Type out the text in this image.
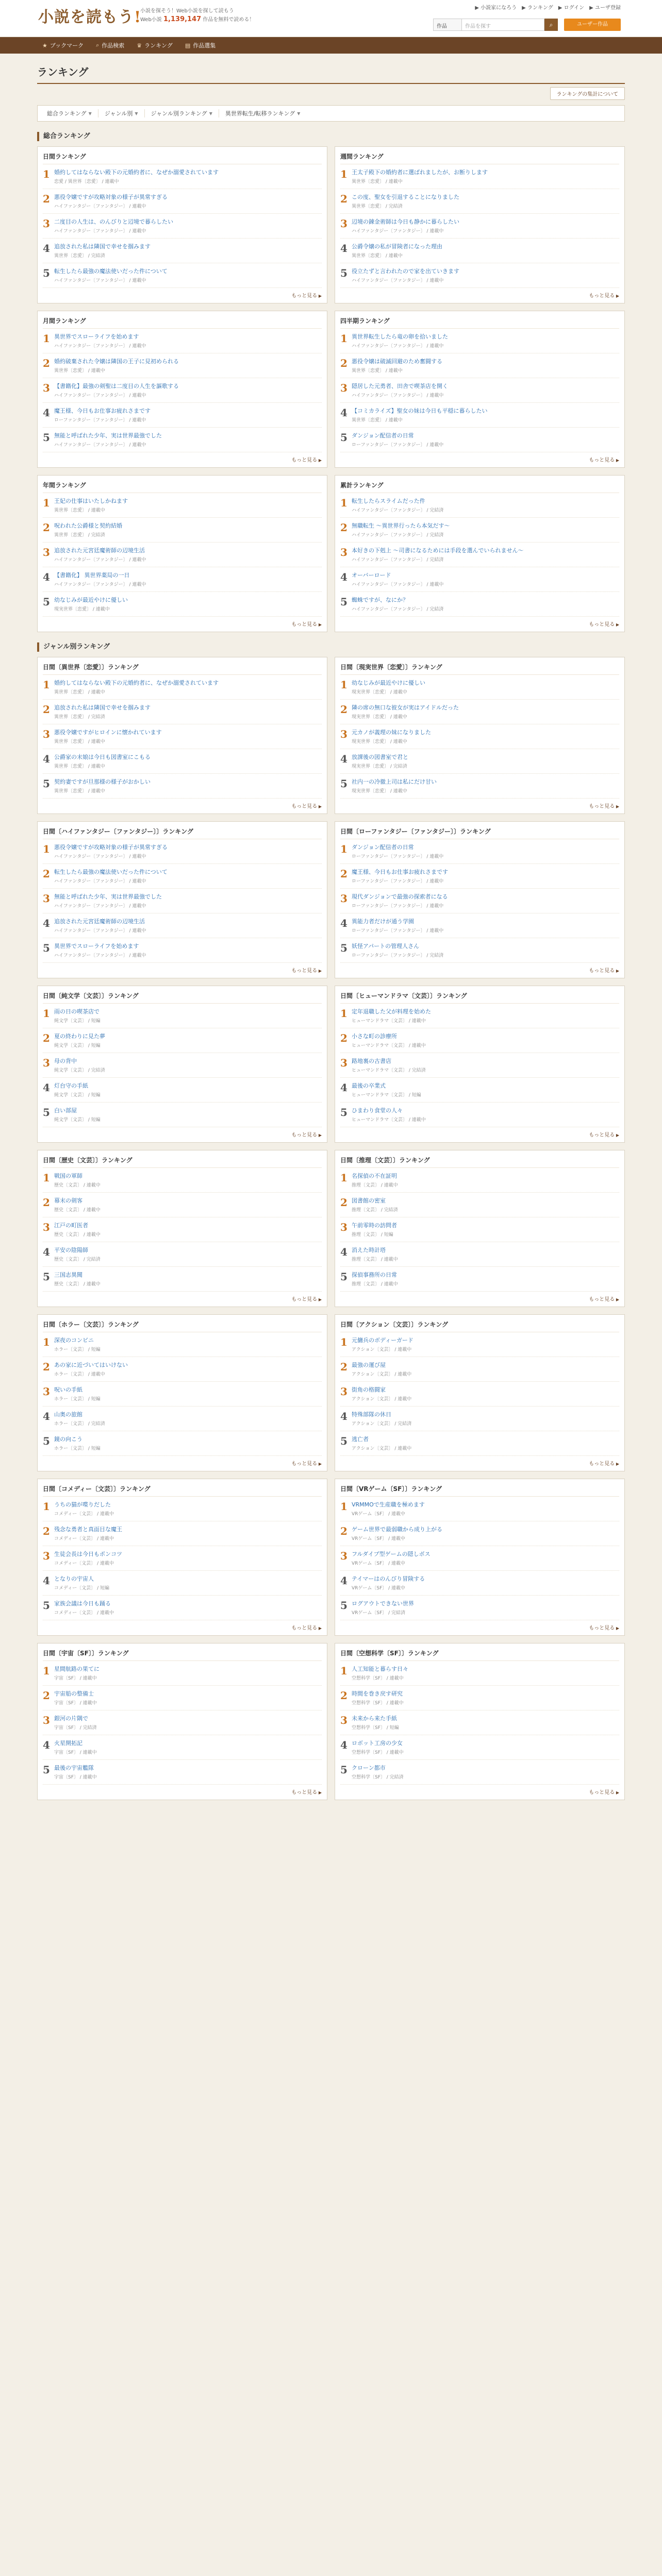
小説を読もう!
小説を探そう！Web小説を探して読もう
Web小説 1,139,147 作品を無料で読める！
▶ 小説家になろう ▶ ランキング ▶ ログイン ▶ ユーザ登録
作品	作品を探す	⌕	ユーザー作品
★ ブックマーク ⌕ 作品検索 ♛ ランキング ▤ 作品選集
ランキング
ランキングの集計について
総合ランキング ▼ ジャンル別 ▼ ジャンル別ランキング ▼ 異世界転生/転移ランキング ▼
総合ランキング
日間ランキング
1 婚約してはならない殿下の元婚約者に、なぜか溺愛されています
恋愛 / 異世界〔恋愛〕 / 連載中
2 悪役令嬢ですが攻略対象の様子が異常すぎる
ハイファンタジー〔ファンタジー〕 / 連載中
3 二度目の人生は、のんびりと辺境で暮らしたい
ハイファンタジー〔ファンタジー〕 / 連載中
4 追放された私は隣国で幸せを掴みます
異世界〔恋愛〕 / 完結済
5 転生したら最強の魔法使いだった件について
ハイファンタジー〔ファンタジー〕 / 連載中
もっと見る ▶
週間ランキング
1 王太子殿下の婚約者に選ばれましたが、お断りします
異世界〔恋愛〕 / 連載中
2 この度、聖女を引退することになりました
異世界〔恋愛〕 / 完結済
3 辺境の錬金術師は今日も静かに暮らしたい
ハイファンタジー〔ファンタジー〕 / 連載中
4 公爵令嬢の私が冒険者になった理由
異世界〔恋愛〕 / 連載中
5 役立たずと言われたので家を出ていきます
ハイファンタジー〔ファンタジー〕 / 連載中
もっと見る ▶
月間ランキング
1 異世界でスローライフを始めます
ハイファンタジー〔ファンタジー〕 / 連載中
2 婚約破棄された令嬢は隣国の王子に見初められる
異世界〔恋愛〕 / 連載中
3 【書籍化】最強の剣聖は二度目の人生を謳歌する
ハイファンタジー〔ファンタジー〕 / 連載中
4 魔王様、今日もお仕事お疲れさまです
ローファンタジー〔ファンタジー〕 / 連載中
5 無能と呼ばれた少年、実は世界最強でした
ハイファンタジー〔ファンタジー〕 / 連載中
もっと見る ▶
四半期ランキング
1 異世界転生したら竜の卵を拾いました
ハイファンタジー〔ファンタジー〕 / 連載中
2 悪役令嬢は破滅回避のため奮闘する
異世界〔恋愛〕 / 連載中
3 隠居した元勇者、田舎で喫茶店を開く
ハイファンタジー〔ファンタジー〕 / 連載中
4 【コミカライズ】聖女の妹は今日も平穏に暮らしたい
異世界〔恋愛〕 / 連載中
5 ダンジョン配信者の日常
ローファンタジー〔ファンタジー〕 / 連載中
もっと見る ▶
年間ランキング
1 王妃の仕事はいたしかねます
異世界〔恋愛〕 / 連載中
2 呪われた公爵様と契約結婚
異世界〔恋愛〕 / 完結済
3 追放された元宮廷魔術師の辺境生活
ハイファンタジー〔ファンタジー〕 / 連載中
4 【書籍化】 異世界薬局の一日
ハイファンタジー〔ファンタジー〕 / 連載中
5 幼なじみが最近やけに優しい
現実世界〔恋愛〕 / 連載中
もっと見る ▶
累計ランキング
1 転生したらスライムだった件
ハイファンタジー〔ファンタジー〕 / 完結済
2 無職転生 ～異世界行ったら本気だす～
ハイファンタジー〔ファンタジー〕 / 完結済
3 本好きの下剋上 ～司書になるためには手段を選んでいられません～
ハイファンタジー〔ファンタジー〕 / 完結済
4 オーバーロード
ハイファンタジー〔ファンタジー〕 / 連載中
5 蜘蛛ですが、なにか？
ハイファンタジー〔ファンタジー〕 / 完結済
もっと見る ▶
ジャンル別ランキング
日間〔異世界〔恋愛〕〕ランキング
1 婚約してはならない殿下の元婚約者に、なぜか溺愛されています
異世界〔恋愛〕 / 連載中
2 追放された私は隣国で幸せを掴みます
異世界〔恋愛〕 / 完結済
3 悪役令嬢ですがヒロインに懐かれています
異世界〔恋愛〕 / 連載中
4 公爵家の末娘は今日も図書室にこもる
異世界〔恋愛〕 / 連載中
5 契約妻ですが旦那様の様子がおかしい
異世界〔恋愛〕 / 連載中
もっと見る ▶
日間〔現実世界〔恋愛〕〕ランキング
1 幼なじみが最近やけに優しい
現実世界〔恋愛〕 / 連載中
2 隣の席の無口な彼女が実はアイドルだった
現実世界〔恋愛〕 / 連載中
3 元カノが義理の妹になりました
現実世界〔恋愛〕 / 連載中
4 放課後の図書室で君と
現実世界〔恋愛〕 / 完結済
5 社内一の冷徹上司は私にだけ甘い
現実世界〔恋愛〕 / 連載中
もっと見る ▶
日間〔ハイファンタジー〔ファンタジー〕〕ランキング
1 悪役令嬢ですが攻略対象の様子が異常すぎる
ハイファンタジー〔ファンタジー〕 / 連載中
2 転生したら最強の魔法使いだった件について
ハイファンタジー〔ファンタジー〕 / 連載中
3 無能と呼ばれた少年、実は世界最強でした
ハイファンタジー〔ファンタジー〕 / 連載中
4 追放された元宮廷魔術師の辺境生活
ハイファンタジー〔ファンタジー〕 / 連載中
5 異世界でスローライフを始めます
ハイファンタジー〔ファンタジー〕 / 連載中
もっと見る ▶
日間〔ローファンタジー〔ファンタジー〕〕ランキング
1 ダンジョン配信者の日常
ローファンタジー〔ファンタジー〕 / 連載中
2 魔王様、今日もお仕事お疲れさまです
ローファンタジー〔ファンタジー〕 / 連載中
3 現代ダンジョンで最強の探索者になる
ローファンタジー〔ファンタジー〕 / 連載中
4 異能力者だけが通う学園
ローファンタジー〔ファンタジー〕 / 連載中
5 妖怪アパートの管理人さん
ローファンタジー〔ファンタジー〕 / 完結済
もっと見る ▶
日間〔純文学〔文芸〕〕ランキング
1 雨の日の喫茶店で
純文学〔文芸〕 / 短編
2 夏の終わりに見た夢
純文学〔文芸〕 / 短編
3 母の背中
純文学〔文芸〕 / 完結済
4 灯台守の手紙
純文学〔文芸〕 / 短編
5 白い部屋
純文学〔文芸〕 / 短編
もっと見る ▶
日間〔ヒューマンドラマ〔文芸〕〕ランキング
1 定年退職した父が料理を始めた
ヒューマンドラマ〔文芸〕 / 連載中
2 小さな町の診療所
ヒューマンドラマ〔文芸〕 / 連載中
3 路地裏の古書店
ヒューマンドラマ〔文芸〕 / 完結済
4 最後の卒業式
ヒューマンドラマ〔文芸〕 / 短編
5 ひまわり食堂の人々
ヒューマンドラマ〔文芸〕 / 連載中
もっと見る ▶
日間〔歴史〔文芸〕〕ランキング
1 戦国の軍師
歴史〔文芸〕 / 連載中
2 幕末の剣客
歴史〔文芸〕 / 連載中
3 江戸の町医者
歴史〔文芸〕 / 連載中
4 平安の陰陽師
歴史〔文芸〕 / 完結済
5 三国志異聞
歴史〔文芸〕 / 連載中
もっと見る ▶
日間〔推理〔文芸〕〕ランキング
1 名探偵の不在証明
推理〔文芸〕 / 連載中
2 図書館の密室
推理〔文芸〕 / 完結済
3 午前零時の訪問者
推理〔文芸〕 / 短編
4 消えた時計塔
推理〔文芸〕 / 連載中
5 探偵事務所の日常
推理〔文芸〕 / 連載中
もっと見る ▶
日間〔ホラー〔文芸〕〕ランキング
1 深夜のコンビニ
ホラー〔文芸〕 / 短編
2 あの家に近づいてはいけない
ホラー〔文芸〕 / 連載中
3 呪いの手紙
ホラー〔文芸〕 / 短編
4 山奥の旅館
ホラー〔文芸〕 / 完結済
5 鏡の向こう
ホラー〔文芸〕 / 短編
もっと見る ▶
日間〔アクション〔文芸〕〕ランキング
1 元傭兵のボディーガード
アクション〔文芸〕 / 連載中
2 最強の運び屋
アクション〔文芸〕 / 連載中
3 街角の格闘家
アクション〔文芸〕 / 連載中
4 特殊部隊の休日
アクション〔文芸〕 / 完結済
5 逃亡者
アクション〔文芸〕 / 連載中
もっと見る ▶
日間〔コメディー〔文芸〕〕ランキング
1 うちの猫が喋りだした
コメディー〔文芸〕 / 連載中
2 残念な勇者と真面目な魔王
コメディー〔文芸〕 / 連載中
3 生徒会長は今日もポンコツ
コメディー〔文芸〕 / 連載中
4 となりの宇宙人
コメディー〔文芸〕 / 短編
5 家族会議は今日も踊る
コメディー〔文芸〕 / 連載中
もっと見る ▶
日間〔VRゲーム〔SF〕〕ランキング
1 VRMMOで生産職を極めます
VRゲーム〔SF〕 / 連載中
2 ゲーム世界で最弱職から成り上がる
VRゲーム〔SF〕 / 連載中
3 フルダイブ型ゲームの隠しボス
VRゲーム〔SF〕 / 連載中
4 テイマーはのんびり冒険する
VRゲーム〔SF〕 / 連載中
5 ログアウトできない世界
VRゲーム〔SF〕 / 完結済
もっと見る ▶
日間〔宇宙〔SF〕〕ランキング
1 星間航路の果てに
宇宙〔SF〕 / 連載中
2 宇宙船の整備士
宇宙〔SF〕 / 連載中
3 銀河の片隅で
宇宙〔SF〕 / 完結済
4 火星開拓記
宇宙〔SF〕 / 連載中
5 最後の宇宙艦隊
宇宙〔SF〕 / 連載中
もっと見る ▶
日間〔空想科学〔SF〕〕ランキング
1 人工知能と暮らす日々
空想科学〔SF〕 / 連載中
2 時間を巻き戻す研究
空想科学〔SF〕 / 連載中
3 未来から来た手紙
空想科学〔SF〕 / 短編
4 ロボット工房の少女
空想科学〔SF〕 / 連載中
5 クローン都市
空想科学〔SF〕 / 完結済
もっと見る ▶
